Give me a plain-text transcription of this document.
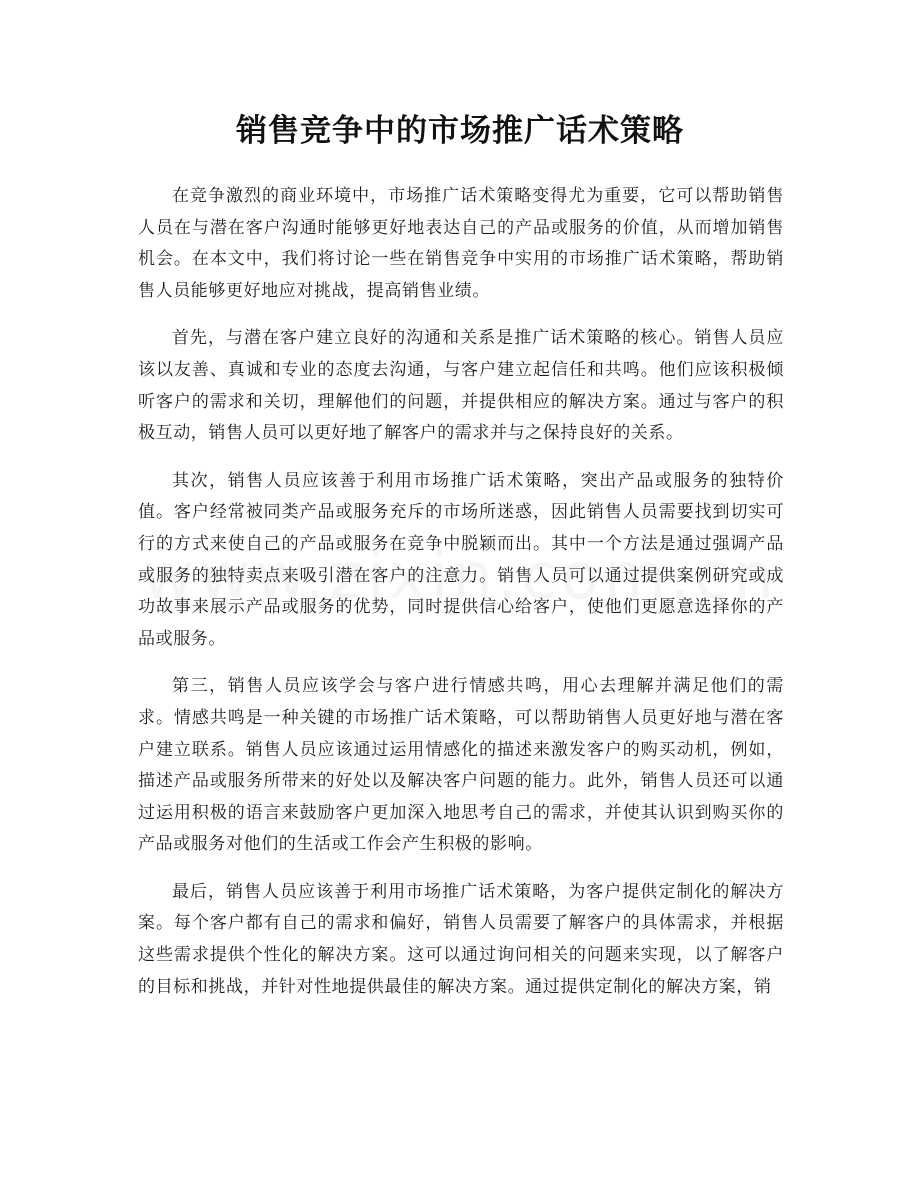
销售竞争中的市场推广话术策略

在竞争激烈的商业环境中，市场推广话术策略变得尤为重要，它可以帮助销售人员在与潜在客户沟通时能够更好地表达自己的产品或服务的价值，从而增加销售机会。在本文中，我们将讨论一些在销售竞争中实用的市场推广话术策略，帮助销售人员能够更好地应对挑战，提高销售业绩。

首先，与潜在客户建立良好的沟通和关系是推广话术策略的核心。销售人员应该以友善、真诚和专业的态度去沟通，与客户建立起信任和共鸣。他们应该积极倾听客户的需求和关切，理解他们的问题，并提供相应的解决方案。通过与客户的积极互动，销售人员可以更好地了解客户的需求并与之保持良好的关系。

其次，销售人员应该善于利用市场推广话术策略，突出产品或服务的独特价值。客户经常被同类产品或服务充斥的市场所迷惑，因此销售人员需要找到切实可行的方式来使自己的产品或服务在竞争中脱颖而出。其中一个方法是通过强调产品或服务的独特卖点来吸引潜在客户的注意力。销售人员可以通过提供案例研究或成功故事来展示产品或服务的优势，同时提供信心给客户，使他们更愿意选择你的产品或服务。

第三，销售人员应该学会与客户进行情感共鸣，用心去理解并满足他们的需求。情感共鸣是一种关键的市场推广话术策略，可以帮助销售人员更好地与潜在客户建立联系。销售人员应该通过运用情感化的描述来激发客户的购买动机，例如，描述产品或服务所带来的好处以及解决客户问题的能力。此外，销售人员还可以通过运用积极的语言来鼓励客户更加深入地思考自己的需求，并使其认识到购买你的产品或服务对他们的生活或工作会产生积极的影响。

最后，销售人员应该善于利用市场推广话术策略，为客户提供定制化的解决方案。每个客户都有自己的需求和偏好，销售人员需要了解客户的具体需求，并根据这些需求提供个性化的解决方案。这可以通过询问相关的问题来实现，以了解客户的目标和挑战，并针对性地提供最佳的解决方案。通过提供定制化的解决方案，销
